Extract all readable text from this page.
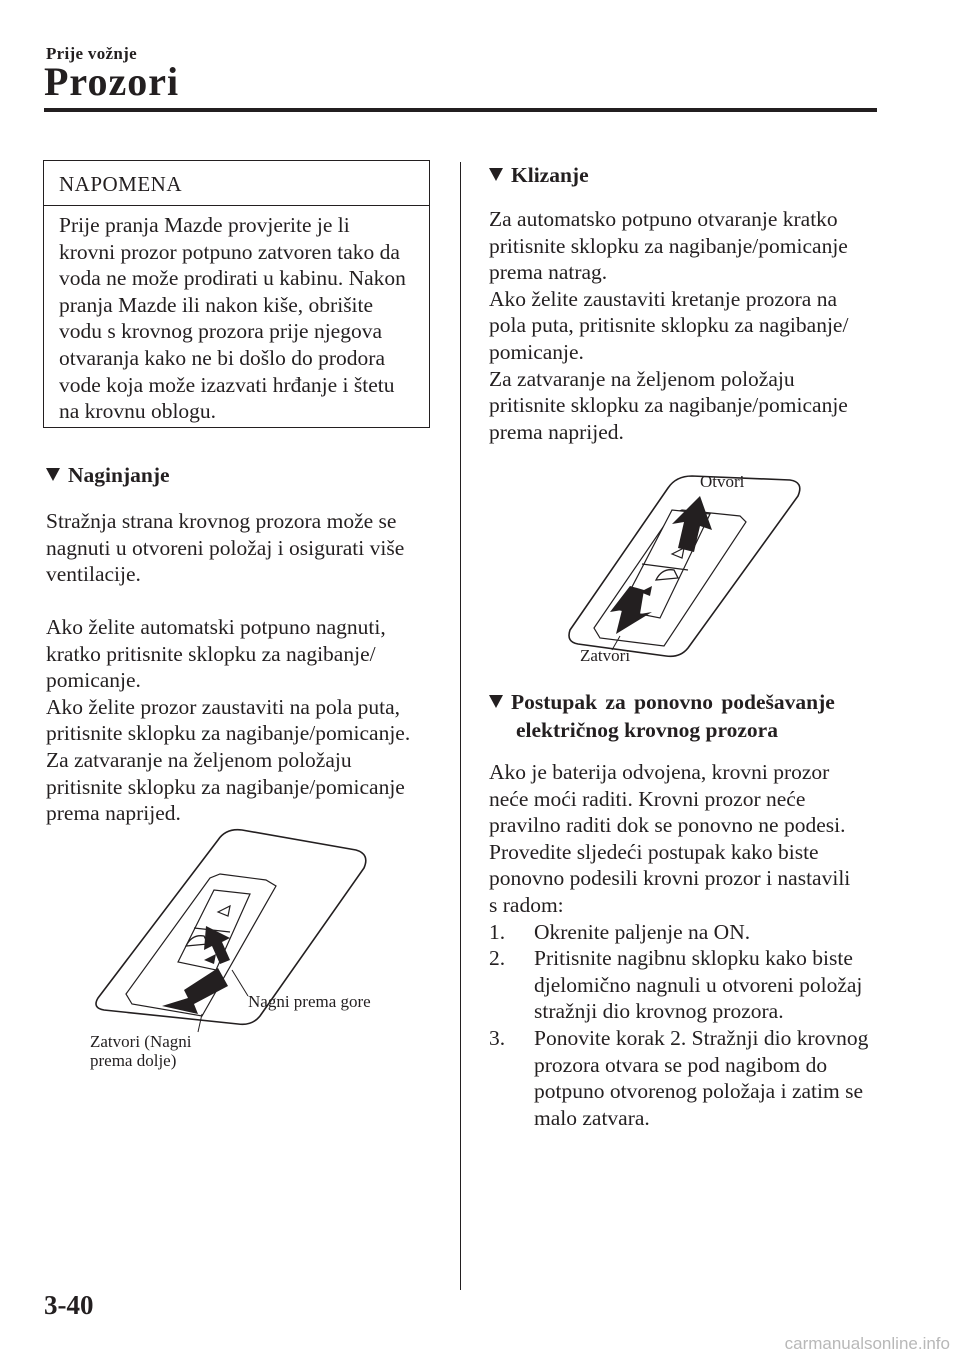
Prije vožnje
Prozori
NAPOMENA
Prije pranja Mazde provjerite je li
krovni prozor potpuno zatvoren tako da
voda ne može prodirati u kabinu. Nakon
pranja Mazde ili nakon kiše, obrišite
vodu s krovnog prozora prije njegova
otvaranja kako ne bi došlo do prodora
vode koja može izazvati hrđanje i štetu
na krovnu oblogu.
Naginjanje
Stražnja strana krovnog prozora može se
nagnuti u otvoreni položaj i osigurati više
ventilacije.
Ako želite automatski potpuno nagnuti,
kratko pritisnite sklopku za nagibanje/
pomicanje.
Ako želite prozor zaustaviti na pola puta,
pritisnite sklopku za nagibanje/pomicanje.
Za zatvaranje na željenom položaju
pritisnite sklopku za nagibanje/pomicanje
prema naprijed.
Nagni prema gore
Zatvori (Nagni
prema dolje)
Klizanje
Za automatsko potpuno otvaranje kratko
pritisnite sklopku za nagibanje/pomicanje
prema natrag.
Ako želite zaustaviti kretanje prozora na
pola puta, pritisnite sklopku za nagibanje/
pomicanje.
Za zatvaranje na željenom položaju
pritisnite sklopku za nagibanje/pomicanje
prema naprijed.
Otvori
Zatvori
Postupak za ponovno podešavanje
električnog krovnog prozora
Ako je baterija odvojena, krovni prozor
neće moći raditi. Krovni prozor neće
pravilno raditi dok se ponovno ne podesi.
Provedite sljedeći postupak kako biste
ponovno podesili krovni prozor i nastavili
s radom:
1. Okrenite paljenje na ON.
2. Pritisnite nagibnu sklopku kako biste
djelomično nagnuli u otvoreni položaj
stražnji dio krovnog prozora.
3. Ponovite korak 2. Stražnji dio krovnog
prozora otvara se pod nagibom do
potpuno otvorenog položaja i zatim se
malo zatvara.
3-40
carmanualsonline.info
